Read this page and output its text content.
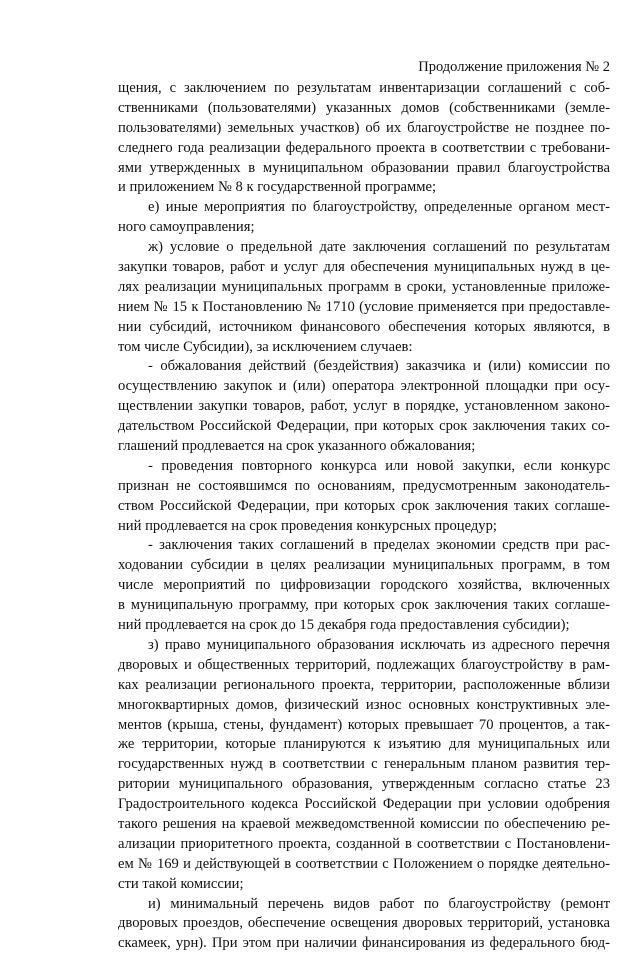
Продолжение приложения № 2
щения, с заключением по результатам инвентаризации соглашений с соб-
ственниками (пользователями) указанных домов (собственниками (земле-
пользователями) земельных участков) об их благоустройстве не позднее по-
следнего года реализации федерального проекта в соответствии с требовани-
ями утвержденных в муниципальном образовании правил благоустройства
и приложением № 8 к государственной программе;
е) иные мероприятия по благоустройству, определенные органом мест-
ного самоуправления;
ж) условие о предельной дате заключения соглашений по результатам
закупки товаров, работ и услуг для обеспечения муниципальных нужд в це-
лях реализации муниципальных программ в сроки, установленные приложе-
нием № 15 к Постановлению № 1710 (условие применяется при предоставле-
нии субсидий, источником финансового обеспечения которых являются, в
том числе Субсидии), за исключением случаев:
- обжалования действий (бездействия) заказчика и (или) комиссии по
осуществлению закупок и (или) оператора электронной площадки при осу-
ществлении закупки товаров, работ, услуг в порядке, установленном законо-
дательством Российской Федерации, при которых срок заключения таких со-
глашений продлевается на срок указанного обжалования;
- проведения повторного конкурса или новой закупки, если конкурс
признан не состоявшимся по основаниям, предусмотренным законодатель-
ством Российской Федерации, при которых срок заключения таких соглаше-
ний продлевается на срок проведения конкурсных процедур;
- заключения таких соглашений в пределах экономии средств при рас-
ходовании субсидии в целях реализации муниципальных программ, в том
числе мероприятий по цифровизации городского хозяйства, включенных
в муниципальную программу, при которых срок заключения таких соглаше-
ний продлевается на срок до 15 декабря года предоставления субсидии);
з) право муниципального образования исключать из адресного перечня
дворовых и общественных территорий, подлежащих благоустройству в рам-
ках реализации регионального проекта, территории, расположенные вблизи
многоквартирных домов, физический износ основных конструктивных эле-
ментов (крыша, стены, фундамент) которых превышает 70 процентов, а так-
же территории, которые планируются к изъятию для муниципальных или
государственных нужд в соответствии с генеральным планом развития тер-
ритории муниципального образования, утвержденным согласно статье 23
Градостроительного кодекса Российской Федерации при условии одобрения
такого решения на краевой межведомственной комиссии по обеспечению ре-
ализации приоритетного проекта, созданной в соответствии с Постановлени-
ем № 169 и действующей в соответствии с Положением о порядке деятельно-
сти такой комиссии;
и) минимальный перечень видов работ по благоустройству (ремонт
дворовых проездов, обеспечение освещения дворовых территорий, установка
скамеек, урн). При этом при наличии финансирования из федерального бюд-
